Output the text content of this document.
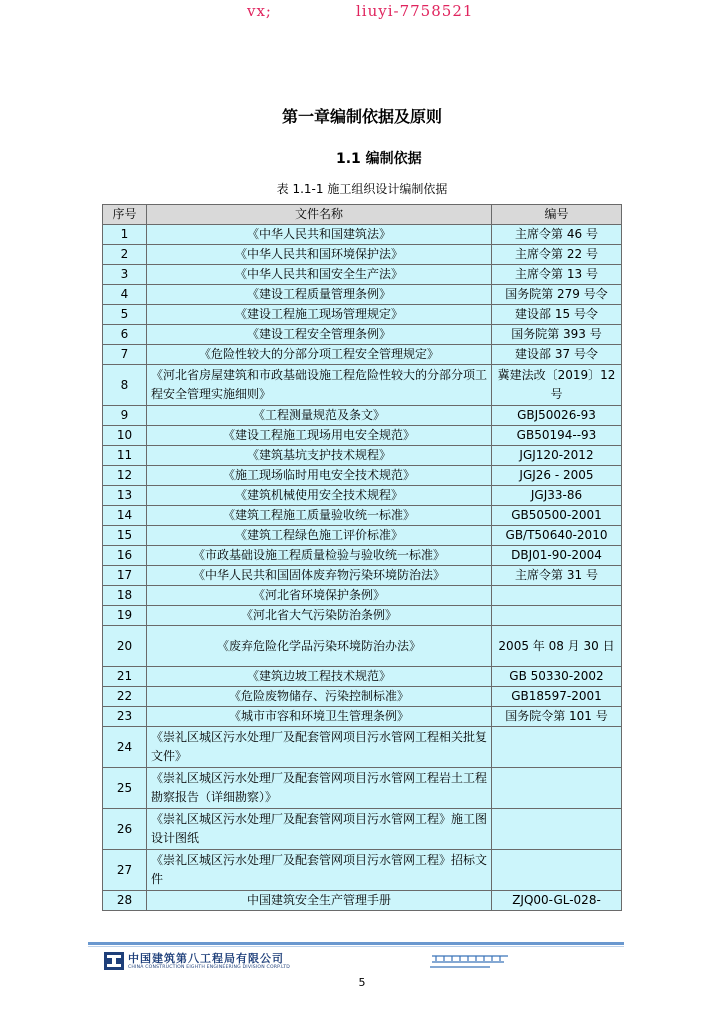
vx;	liuyi-7758521
第一章编制依据及原则
1.1 编制依据
表 1.1-1 施工组织设计编制依据
序号	文件名称	编号
1	《中华人民共和国建筑法》	主席令第 46 号
2	《中华人民共和国环境保护法》	主席令第 22 号
3	《中华人民共和国安全生产法》	主席令第 13 号
4	《建设工程质量管理条例》	国务院第 279 号令
5	《建设工程施工现场管理规定》	建设部 15 号令
6	《建设工程安全管理条例》	国务院第 393 号
7	《危险性较大的分部分项工程安全管理规定》	建设部 37 号令
8	《河北省房屋建筑和市政基础设施工程危险性较大的分部分项工程安全管理实施细则》	冀建法改〔2019〕12 号
9	《工程测量规范及条文》	GBJ50026-93
10	《建设工程施工现场用电安全规范》	GB50194--93
11	《建筑基坑支护技术规程》	JGJ120-2012
12	《施工现场临时用电安全技术规范》	JGJ26 - 2005
13	《建筑机械使用安全技术规程》	JGJ33-86
14	《建筑工程施工质量验收统一标准》	GB50500-2001
15	《建筑工程绿色施工评价标准》	GB/T50640-2010
16	《市政基础设施工程质量检验与验收统一标准》	DBJ01-90-2004
17	《中华人民共和国固体废弃物污染环境防治法》	主席令第 31 号
18	《河北省环境保护条例》	
19	《河北省大气污染防治条例》	
20	《废弃危险化学品污染环境防治办法》	2005 年 08 月 30 日
21	《建筑边坡工程技术规范》	GB 50330-2002
22	《危险废物储存、污染控制标准》	GB18597-2001
23	《城市市容和环境卫生管理条例》	国务院令第 101 号
24	《崇礼区城区污水处理厂及配套管网项目污水管网工程相关批复文件》	
25	《崇礼区城区污水处理厂及配套管网项目污水管网工程岩土工程勘察报告（详细勘察）》	
26	《崇礼区城区污水处理厂及配套管网项目污水管网工程》施工图设计图纸	
27	《崇礼区城区污水处理厂及配套管网项目污水管网工程》招标文件	
28	中国建筑安全生产管理手册	ZJQ00-GL-028-
中国建筑第八工程局有限公司
CHINA CONSTRUCTION EIGHTH ENGINEERING DIVISION CORP.LTD
5
